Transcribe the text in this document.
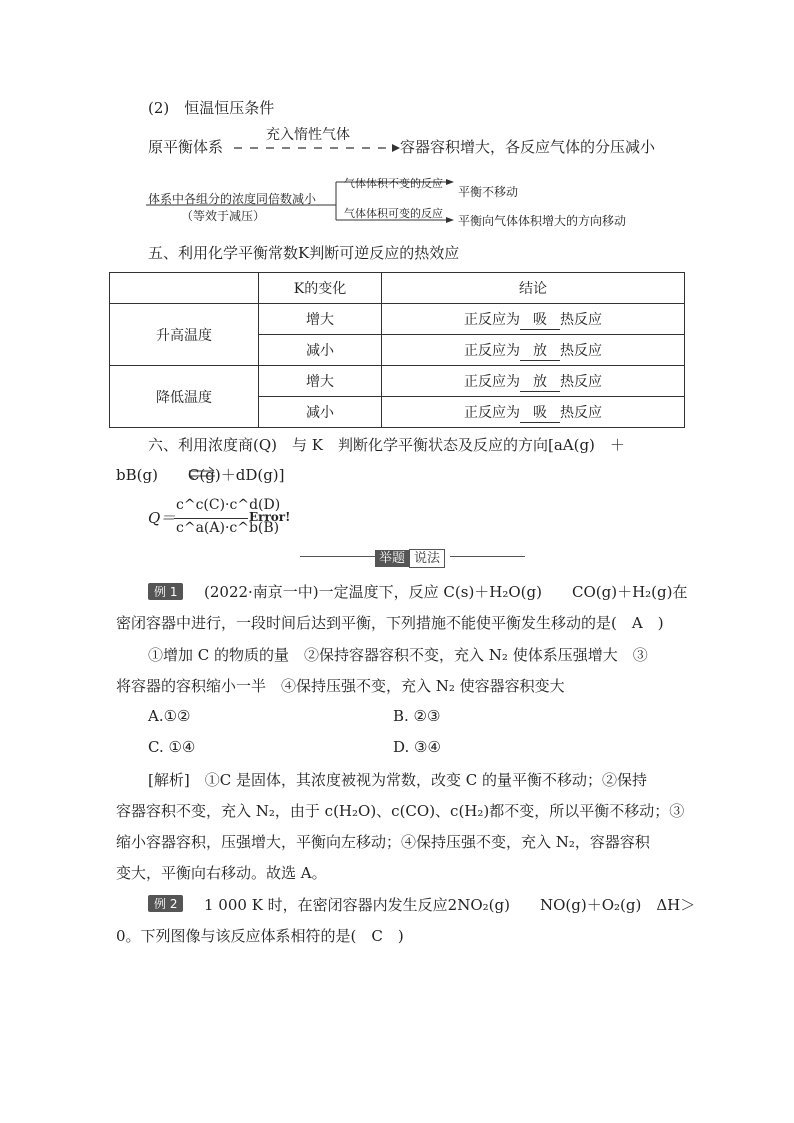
(2)　恒温恒压条件
原平衡体系
充入惰性气体
容器容积增大，各反应气体的分压减小
体系中各组分的浓度同倍数减小
（等效于减压）
气体体积不变的反应
平衡不移动
气体体积可变的反应
平衡向气体体积增大的方向移动
五、利用化学平衡常数K判断可逆反应的热效应
	K的变化	结论
升高温度	增大	正反应为 吸 热反应
	减小	正反应为 放 热反应
降低温度	增大	正反应为 放 热反应
	减小	正反应为 吸 热反应
六、利用浓度商(Q)　与 K　判断化学平衡状态及反应的方向[aA(g)　＋
bB(g)  C(g)＋dD(g)]
Q＝
c^c(C)·c^d(D)
c^a(A)·c^b(B)
Error!
举题 说法
例 1	(2022·南京一中)一定温度下，反应 C(s)＋H₂O(g)  CO(g)＋H₂(g)在
密闭容器中进行，一段时间后达到平衡，下列措施不能使平衡发生移动的是(　A　)
①增加 C 的物质的量　②保持容器容积不变，充入 N₂ 使体系压强增大　③
将容器的容积缩小一半　④保持压强不变，充入 N₂ 使容器容积变大
A.①②	B. ②③
C. ①④	D. ③④
[解析]　①C 是固体，其浓度被视为常数，改变 C 的量平衡不移动；②保持
容器容积不变，充入 N₂，由于 c(H₂O)、c(CO)、c(H₂)都不变，所以平衡不移动；③
缩小容器容积，压强增大，平衡向左移动；④保持压强不变，充入 N₂，容器容积
变大，平衡向右移动。故选 A。
例 2	1 000 K 时，在密闭容器内发生反应2NO₂(g)  NO(g)＋O₂(g)　ΔH＞
0。下列图像与该反应体系相符的是(　C　)
